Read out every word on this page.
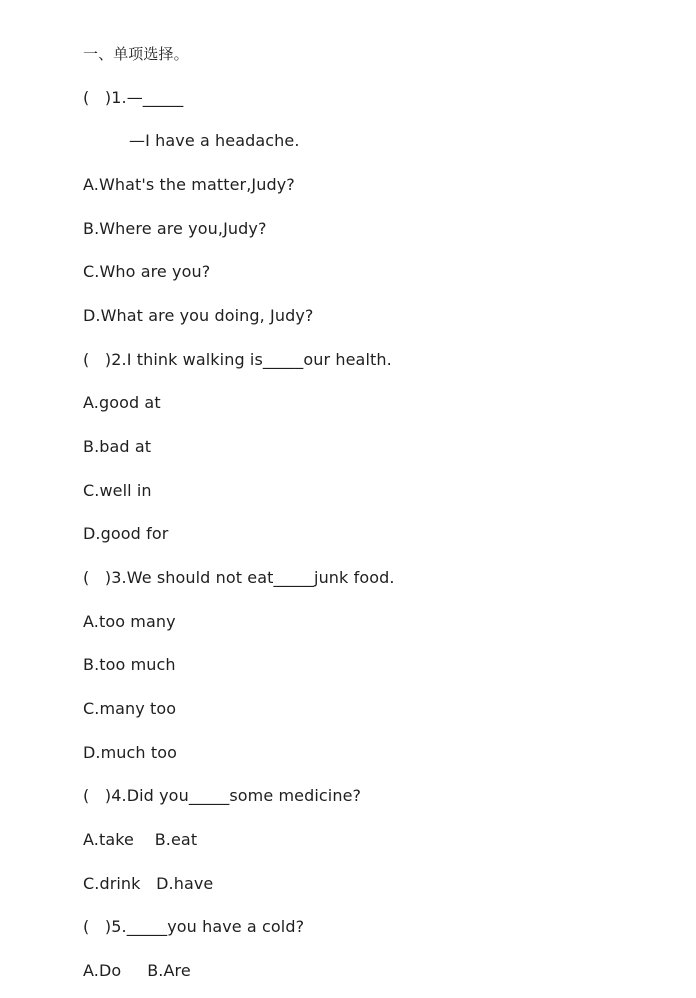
一、单项选择。
(   )1.—_____
—I have a headache.
A.What's the matter,Judy?
B.Where are you,Judy?
C.Who are you?
D.What are you doing, Judy?
(   )2.I think walking is_____our health.
A.good at
B.bad at
C.well in
D.good for
(   )3.We should not eat_____junk food.
A.too many
B.too much
C.many too
D.much too
(   )4.Did you_____some medicine?
A.take    B.eat
C.drink   D.have
(   )5._____you have a cold?
A.Do     B.Are
